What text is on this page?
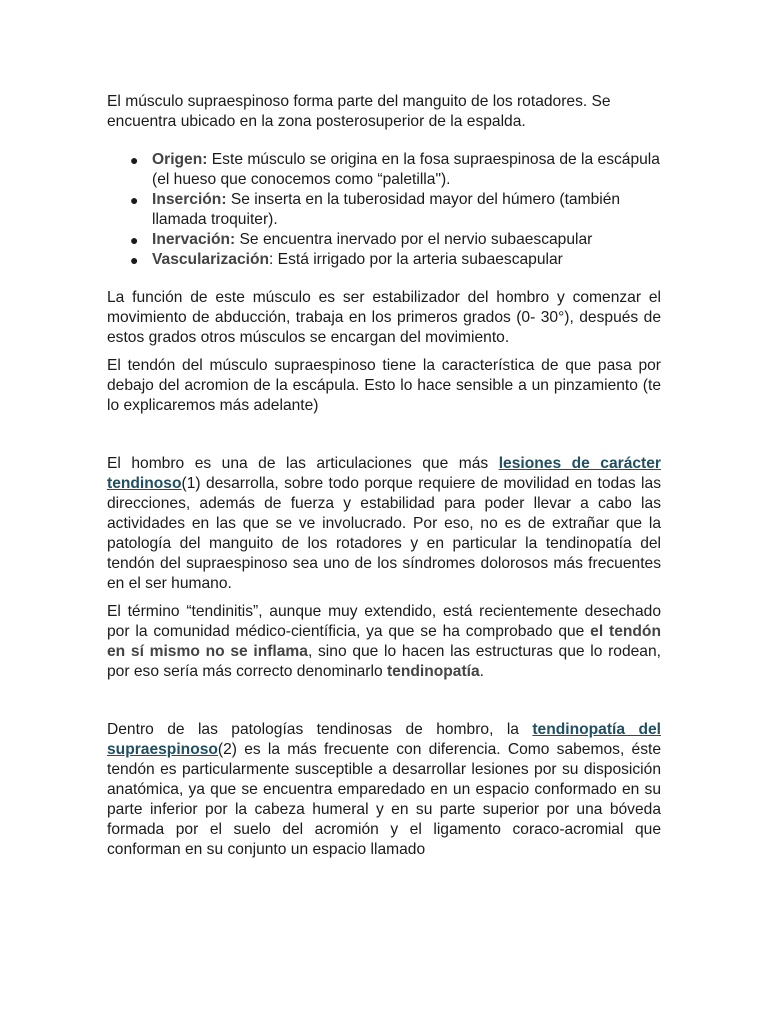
El músculo supraespinoso forma parte del manguito de los rotadores. Se encuentra ubicado en la zona posterosuperior de la espalda.

● Origen: Este músculo se origina en la fosa supraespinosa de la escápula (el hueso que conocemos como “paletilla").
● Inserción: Se inserta en la tuberosidad mayor del húmero (también llamada troquiter).
● Inervación: Se encuentra inervado por el nervio subaescapular
● Vascularización: Está irrigado por la arteria subaescapular

La función de este músculo es ser estabilizador del hombro y comenzar el movimiento de abducción, trabaja en los primeros grados (0- 30°), después de estos grados otros músculos se encargan del movimiento.

El tendón del músculo supraespinoso tiene la característica de que pasa por debajo del acromion de la escápula. Esto lo hace sensible a un pinzamiento (te lo explicaremos más adelante)

El hombro es una de las articulaciones que más lesiones de carácter tendinoso(1) desarrolla, sobre todo porque requiere de movilidad en todas las direcciones, además de fuerza y estabilidad para poder llevar a cabo las actividades en las que se ve involucrado. Por eso, no es de extrañar que la patología del manguito de los rotadores y en particular la tendinopatía del tendón del supraespinoso sea uno de los síndromes dolorosos más frecuentes en el ser humano.

El término “tendinitis”, aunque muy extendido, está recientemente desechado por la comunidad médico-científicia, ya que se ha comprobado que el tendón en sí mismo no se inflama, sino que lo hacen las estructuras que lo rodean, por eso sería más correcto denominarlo tendinopatía.

Dentro de las patologías tendinosas de hombro, la tendinopatía del supraespinoso(2) es la más frecuente con diferencia. Como sabemos, éste tendón es particularmente susceptible a desarrollar lesiones por su disposición anatómica, ya que se encuentra emparedado en un espacio conformado en su parte inferior por la cabeza humeral y en su parte superior por una bóveda formada por el suelo del acromión y el ligamento coraco-acromial que conforman en su conjunto un espacio llamado
